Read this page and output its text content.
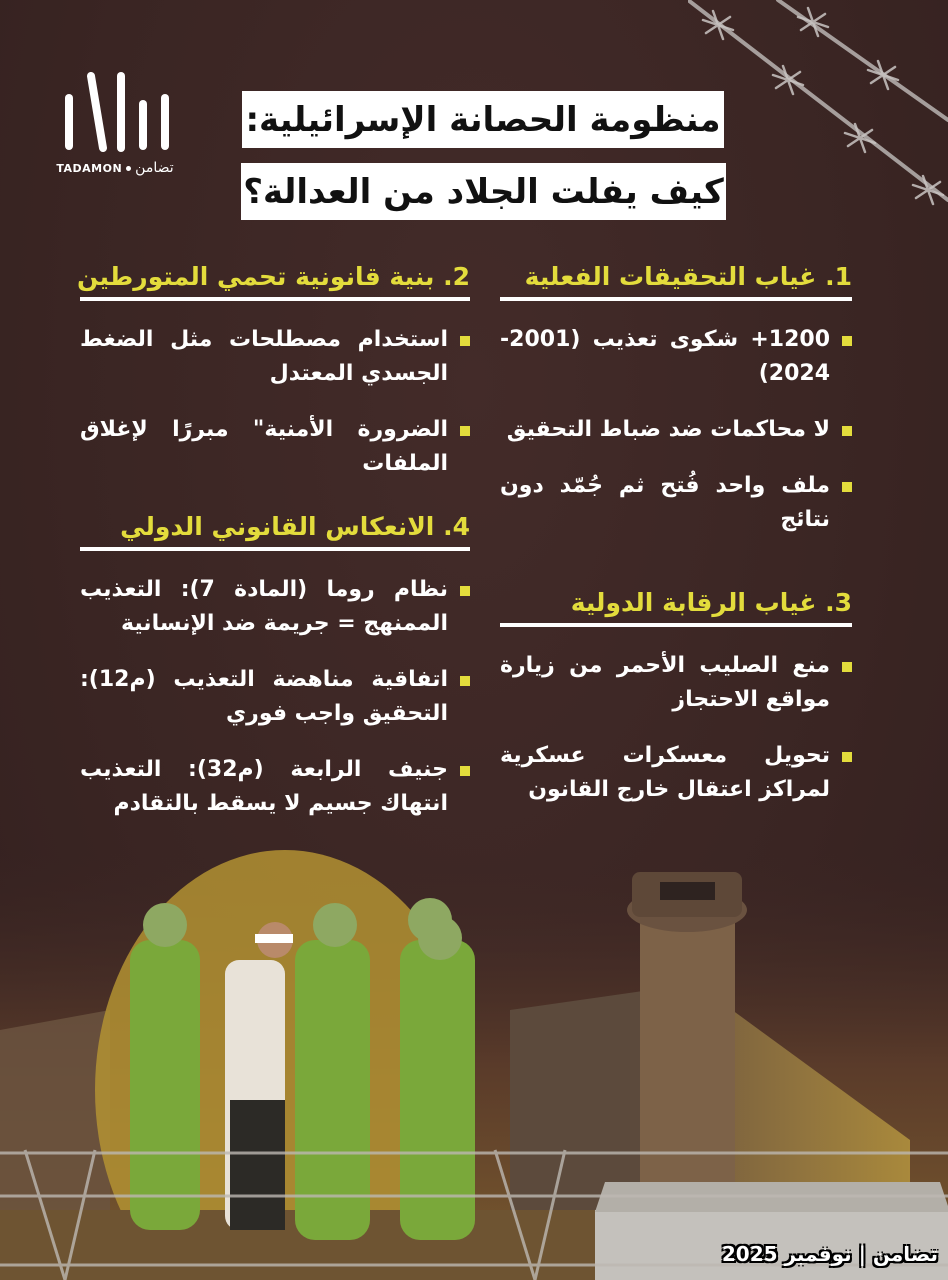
TADAMON تضامن
منظومة الحصانة الإسرائيلية:
كيف يفلت الجلاد من العدالة؟
1. غياب التحقيقات الفعلية
1200+ شكوى تعذيب (2001-2024)
لا محاكمات ضد ضباط التحقيق
ملف واحد فُتح ثم جُمّد دون نتائج
2. بنية قانونية تحمي المتورطين
استخدام مصطلحات مثل الضغط الجسدي المعتدل
الضرورة الأمنية" مبررًا لإغلاق الملفات
3. غياب الرقابة الدولية
منع الصليب الأحمر من زيارة مواقع الاحتجاز
تحويل معسكرات عسكرية لمراكز اعتقال خارج القانون
4. الانعكاس القانوني الدولي
نظام روما (المادة 7): التعذيب الممنهج = جريمة ضد الإنسانية
اتفاقية مناهضة التعذيب (م12): التحقيق واجب فوري
جنيف الرابعة (م32): التعذيب انتهاك جسيم لا يسقط بالتقادم
تضامن | نوفمبر 2025
